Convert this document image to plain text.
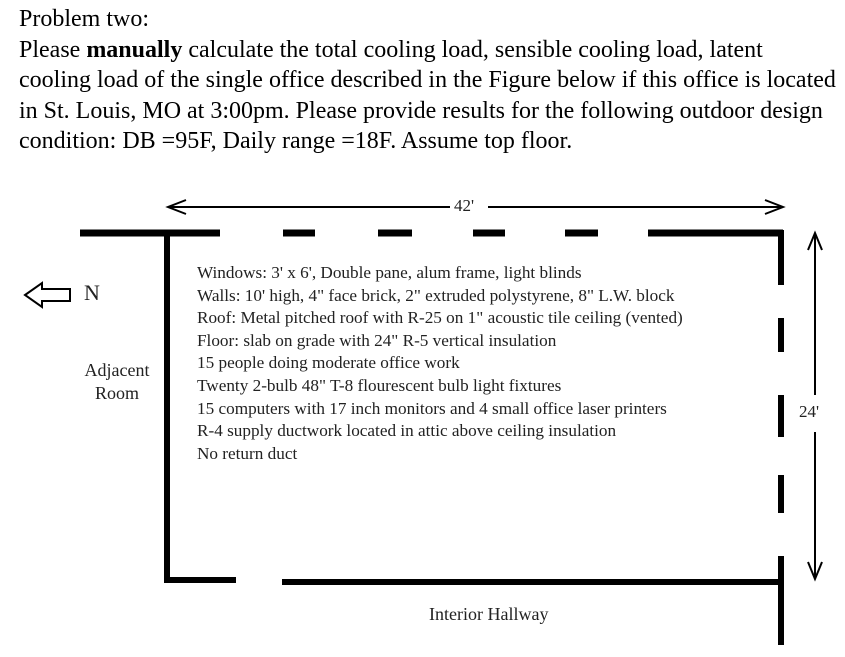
Problem two:

Please manually calculate the total cooling load, sensible cooling load, latent cooling load of the single office described in the Figure below if this office is located in St. Louis, MO at 3:00pm. Please provide results for the following outdoor design condition: DB =95F, Daily range =18F. Assume top floor.

N
42'
24'
Adjacent
Room
Interior Hallway
Windows: 3' x 6', Double pane, alum frame, light blinds
Walls: 10' high, 4" face brick, 2" extruded polystyrene, 8" L.W. block
Roof: Metal pitched roof with R-25 on 1" acoustic tile ceiling (vented)
Floor: slab on grade with 24" R-5 vertical insulation
15 people doing moderate office work
Twenty 2-bulb 48" T-8 flourescent bulb light fixtures
15 computers with 17 inch monitors and 4 small office laser printers
R-4 supply ductwork located in attic above ceiling insulation
No return duct
